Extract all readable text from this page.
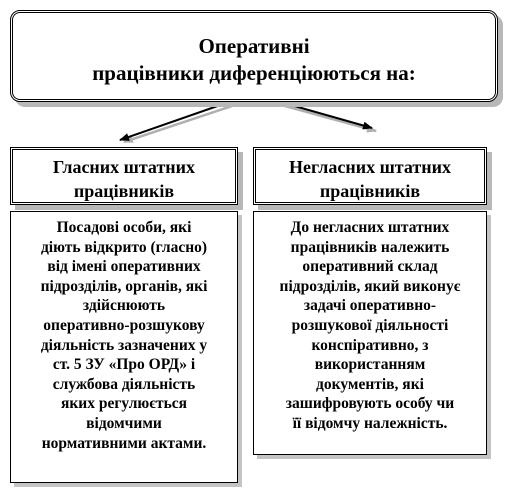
Оперативні
працівники диференціюються на:
Гласних штатних
працівників
Негласних штатних
працівників
Посадові особи, які
діють відкрито (гласно)
від імені оперативних
підрозділів, органів, які
здійснюють
оперативно-розшукову
діяльність зазначених у
ст. 5 ЗУ «Про ОРД» і
службова діяльність
яких регулюється
відомчими
нормативними актами.
До негласних штатних
працівників належить
оперативний склад
підрозділів, який виконує
задачі оперативно-
розшукової діяльності
конспіративно, з
використанням
документів, які
зашифровують особу чи
її відомчу належність.
